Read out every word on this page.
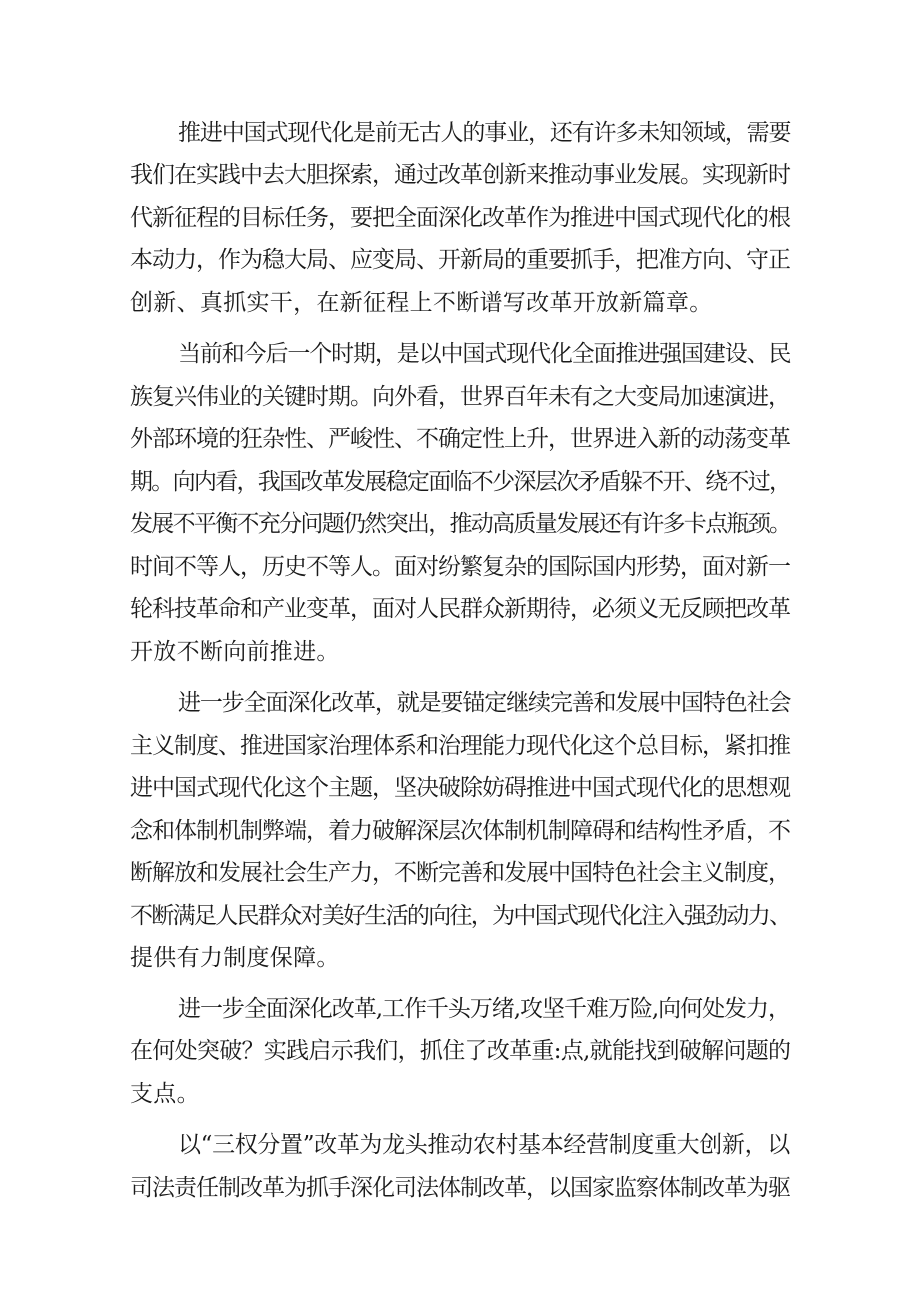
推进中国式现代化是前无古人的事业，还有许多未知领域，需要
我们在实践中去大胆探索，通过改革创新来推动事业发展。实现新时
代新征程的目标任务，要把全面深化改革作为推进中国式现代化的根
本动力，作为稳大局、应变局、开新局的重要抓手，把准方向、守正
创新、真抓实干，在新征程上不断谱写改革开放新篇章。
当前和今后一个时期，是以中国式现代化全面推进强国建设、民
族复兴伟业的关键时期。向外看，世界百年未有之大变局加速演进，
外部环境的狂杂性、严峻性、不确定性上升，世界进入新的动荡变革
期。向内看，我国改革发展稳定面临不少深层次矛盾躲不开、绕不过，
发展不平衡不充分问题仍然突出，推动高质量发展还有许多卡点瓶颈。
时间不等人，历史不等人。面对纷繁复杂的国际国内形势，面对新一
轮科技革命和产业变革，面对人民群众新期待，必须义无反顾把改革
开放不断向前推进。
进一步全面深化改革，就是要锚定继续完善和发展中国特色社会
主义制度、推进国家治理体系和治理能力现代化这个总目标，紧扣推
进中国式现代化这个主题，坚决破除妨碍推进中国式现代化的思想观
念和体制机制弊端，着力破解深层次体制机制障碍和结构性矛盾，不
断解放和发展社会生产力，不断完善和发展中国特色社会主义制度，
不断满足人民群众对美好生活的向往，为中国式现代化注入强劲动力、
提供有力制度保障。
进一步全面深化改革,工作千头万绪,攻坚千难万险,向何处发力，
在何处突破？实践启示我们，抓住了改革重:点,就能找到破解问题的
支点。
以“三权分置”改革为龙头推动农村基本经营制度重大创新，以
司法责任制改革为抓手深化司法体制改革，以国家监察体制改革为驱
